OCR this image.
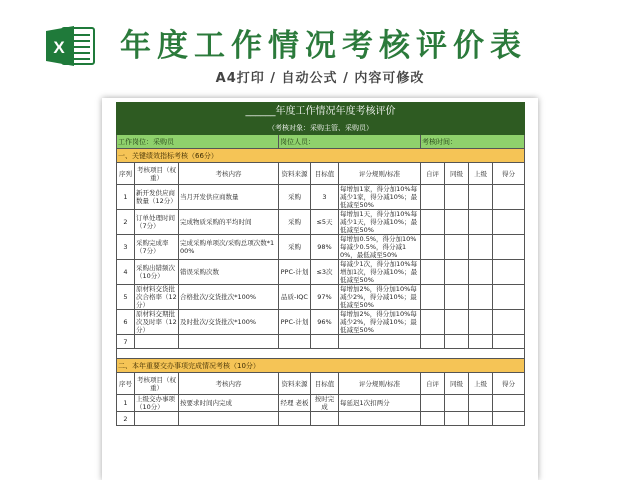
X 年度工作情况考核评价表
A4打印 / 自动公式 / 内容可修改
______年度工作情况年度考核评价									
（考核对象：采购主管、采购员）									
工作岗位：采购员			岗位人员：			考核时间：			
一、关键绩效指标考核（66分）									
序列	考核项目（权重）	考核内容	资料来源	目标值	评分规则/标准	自评	同级	上级	得分
1	新开发供应商数量（12分）	当月开发供应商数量	采购	3	每增加1家，得分加10%每减少1家，得分减10%；最低减至50%				
2	订单处理时间（7分）	完成物质采购的平均时间	采购	≤5天	每增加1天，得分加10%每减少1天，得分减10%；最低减至50%				
3	采购完成率（7分）	完成采购单项次/采购总项次数*100%	采购	98%	每增加0.5%，得分加10%每减少0.5%，得分减10%，最低减至50%				
4	采购出错频次（10分）	错误采购次数	PPC-计划	≤3次	每减少1次，得分加10%每增加1次，得分减10%；最低减至50%				
5	原材料交货批次合格率（12分）	合格批次/交货批次*100%	品质-IQC	97%	每增加2%，得分加10%每减少2%，得分减10%；最低减至50%				
6	原材料交期批次及时率（12分）	及时批次/交货批次*100%	PPC-计划	96%	每增加2%，得分加10%每减少2%，得分减10%；最低减至50%				
7									

二、本年重要交办事项完成情况考核（10分）									
序号	考核项目（权重）	考核内容	资料来源	目标值	评分规则/标准	自评	同级	上级	得分
1	上级交办事项（10分）	按要求时间内完成	经理 老板	按时完成	每延迟1次扣两分				
2									
